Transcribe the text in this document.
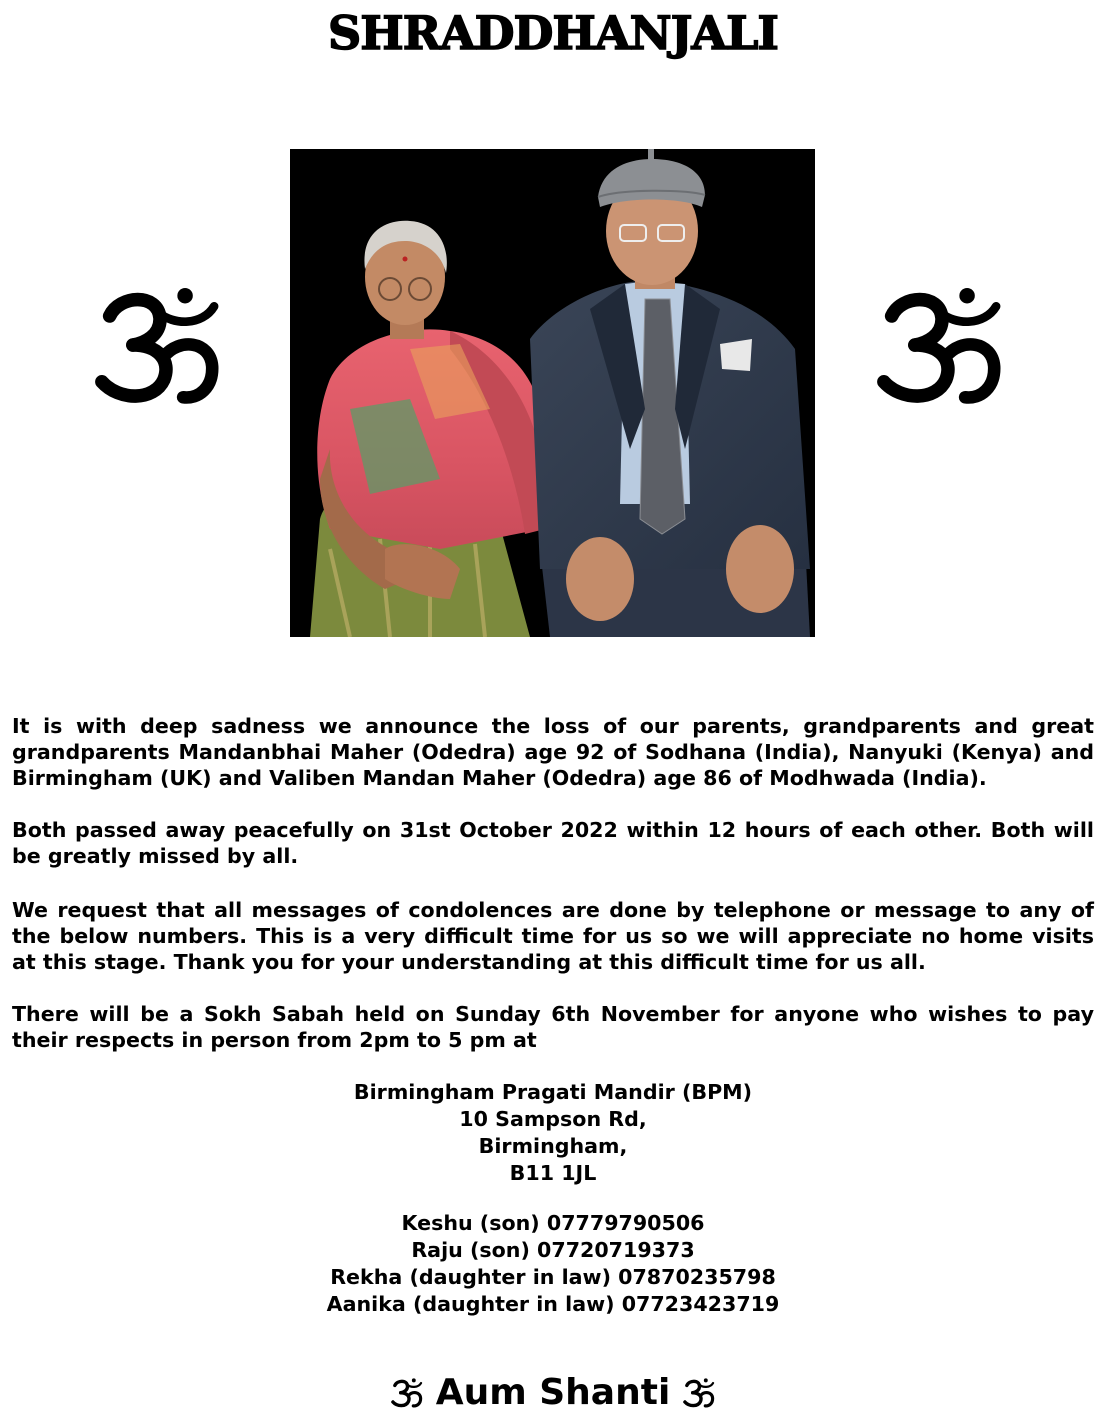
SHRADDHANJALI

It is with deep sadness we announce the loss of our parents, grandparents and great grandparents Mandanbhai Maher (Odedra) age 92 of Sodhana (India), Nanyuki (Kenya) and Birmingham (UK) and Valiben Mandan Maher (Odedra) age 86 of Modhwada (India).

Both passed away peacefully on 31st October 2022 within 12 hours of each other. Both will be greatly missed by all.

We request that all messages of condolences are done by telephone or message to any of the below numbers. This is a very difficult time for us so we will appreciate no home visits at this stage. Thank you for your understanding at this difficult time for us all.

There will be a Sokh Sabah held on Sunday 6th November for anyone who wishes to pay their respects in person from 2pm to 5 pm at

Birmingham Pragati Mandir (BPM)
10 Sampson Rd,
Birmingham,
B11 1JL
Keshu (son) 07779790506
Raju (son) 07720719373
Rekha (daughter in law) 07870235798
Aanika (daughter in law) 07723423719
Aum Shanti
